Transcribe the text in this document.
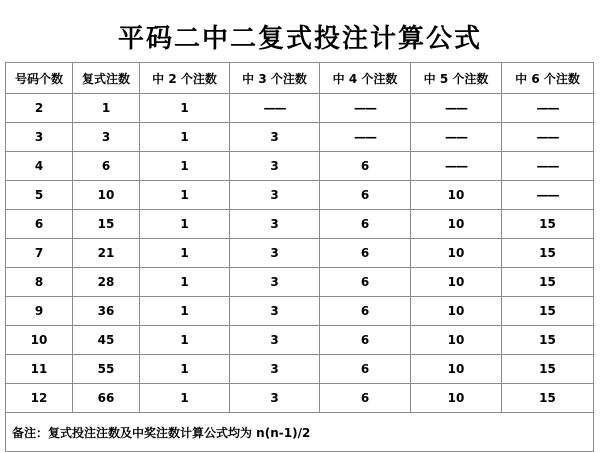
平码二中二复式投注计算公式
号码个数	复式注数	中 2 个注数	中 3 个注数	中 4 个注数	中 5 个注数	中 6 个注数
2	1	1	——	——	——	——
3	3	1	3	——	——	——
4	6	1	3	6	——	——
5	10	1	3	6	10	——
6	15	1	3	6	10	15
7	21	1	3	6	10	15
8	28	1	3	6	10	15
9	36	1	3	6	10	15
10	45	1	3	6	10	15
11	55	1	3	6	10	15
12	66	1	3	6	10	15
备注：复式投注注数及中奖注数计算公式均为 n(n-1)/2						
